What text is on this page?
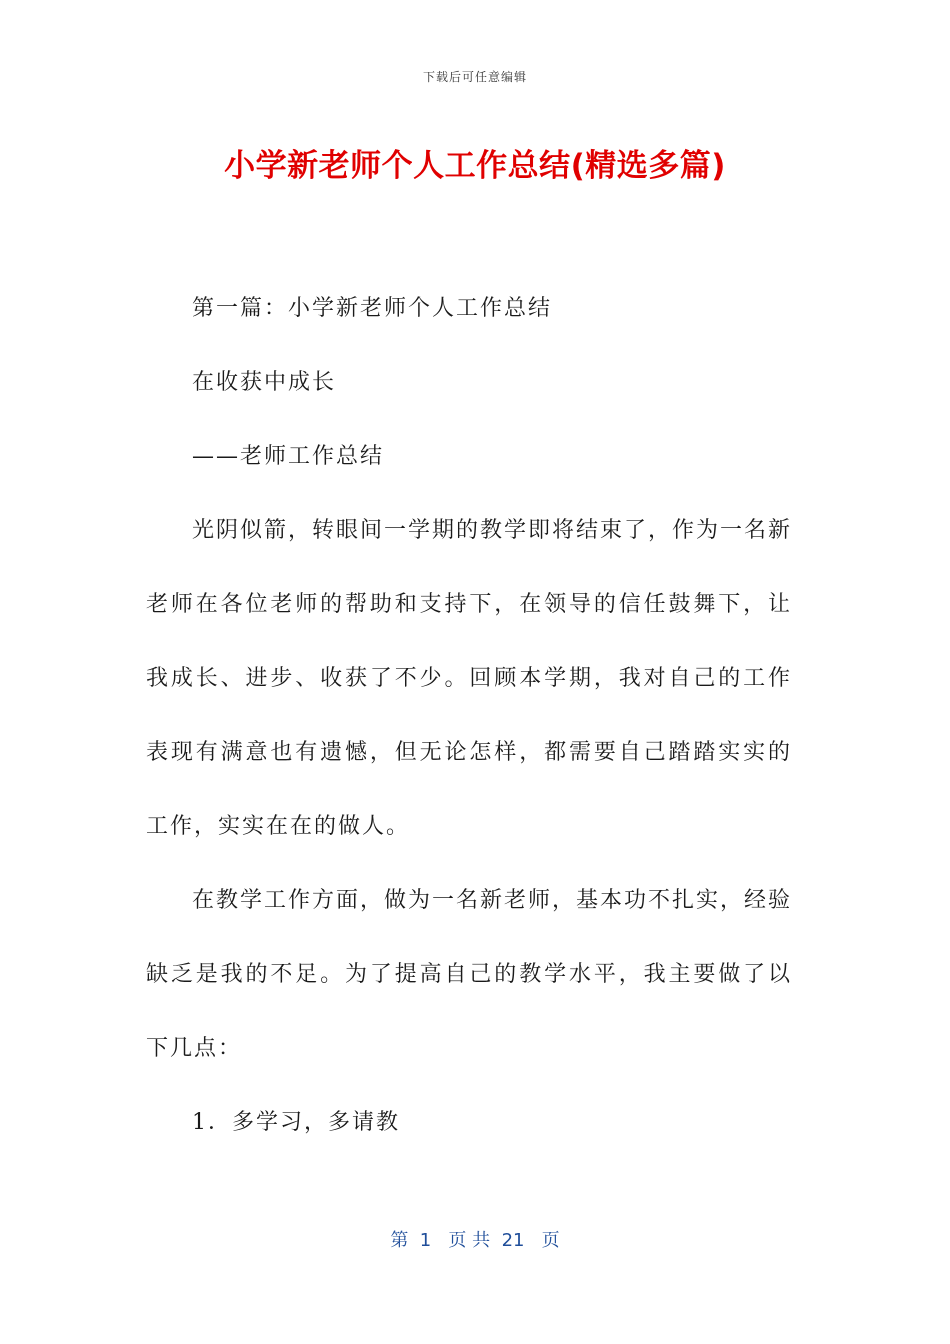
下载后可任意编辑
小学新老师个人工作总结(精选多篇)

第一篇：小学新老师个人工作总结

在收获中成长

——老师工作总结

光阴似箭，转眼间一学期的教学即将结束了，作为一名新老师在各位老师的帮助和支持下，在领导的信任鼓舞下，让我成长、进步、收获了不少。回顾本学期，我对自己的工作表现有满意也有遗憾，但无论怎样，都需要自己踏踏实实的工作，实实在在的做人。

在教学工作方面，做为一名新老师，基本功不扎实，经验缺乏是我的不足。为了提高自己的教学水平，我主要做了以下几点：

1．多学习，多请教

第  1   页 共  21   页
